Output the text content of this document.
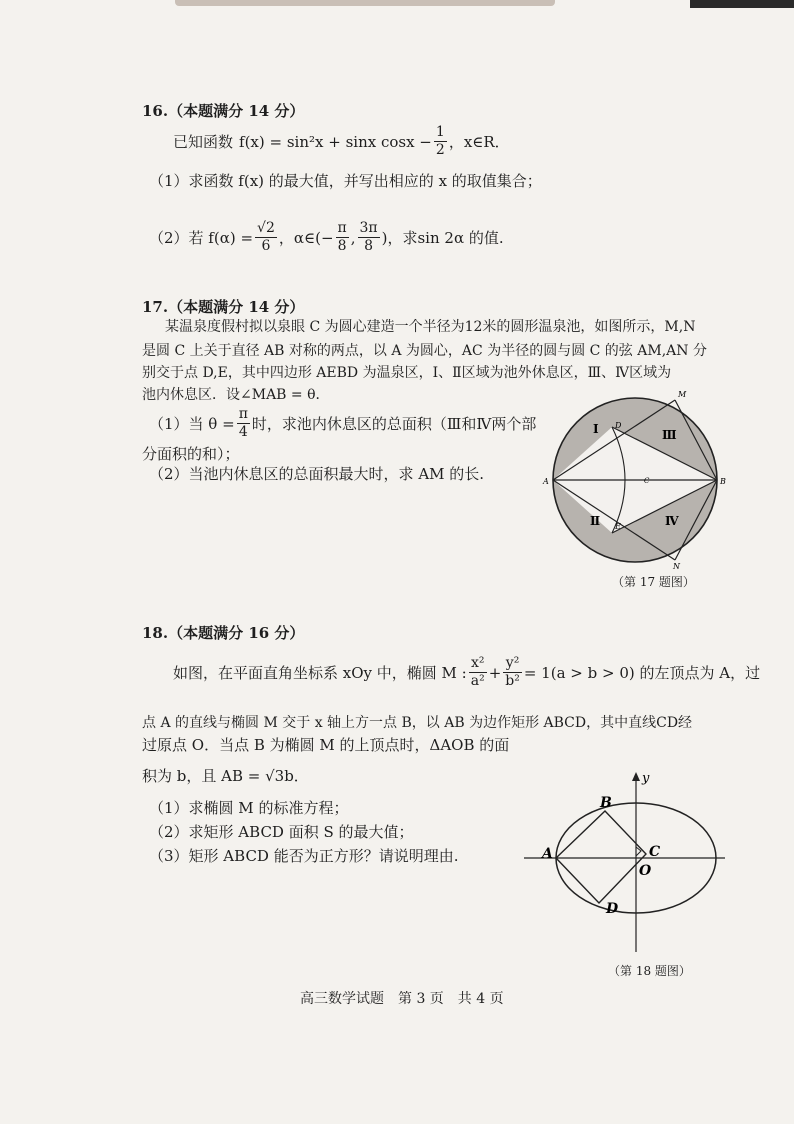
16.（本题满分 14 分）
已知函数 f(x) = sin²x + sinx $\cos x - \frac{1}{2}$ ，x∈R．
（1）求函数 f(x) 的最大值，并写出相应的 x 的取值集合；
（2）若 $f(\alpha) = \frac{√2}{6}$ ，α∈(− $\frac{\pi}{8}$ , $\frac{3\pi}{8}$ )，求sin 2α 的值.
17.（本题满分 14 分）
某温泉度假村拟以泉眼 C 为圆心建造一个半径为12米的圆形温泉池，如图所示，M,N
是圆 C 上关于直径 AB 对称的两点，以 A 为圆心，AC 为半径的圆与圆 C 的弦 AM,AN 分
别交于点 D,E，其中四边形 AEBD 为温泉区，Ⅰ、Ⅱ区域为池外休息区，Ⅲ、Ⅳ区域为
池内休息区．设∠MAB = θ．
（1）当 $\theta = \frac{\pi}{4}$ 时，求池内休息区的总面积（Ⅲ和Ⅳ两个部
分面积的和）；
（2）当池内休息区的总面积最大时，求 AM 的长.
M
N
A	B
C
D
E
Ⅰ
Ⅱ
Ⅲ
Ⅳ
（第 17 题图）
18.（本题满分 16 分）
如图，在平面直角坐标系 xOy 中，椭圆 M : $\frac{\text{x²}}{\text{a²}} + \frac{\text{y²}}{\text{b²}} = 1(a > b > 0)$ 的左顶点为 A，过
点 A 的直线与椭圆 M 交于 x 轴上方一点 B，以 AB 为边作矩形 ABCD，其中直线CD经
过原点 O．当点 B 为椭圆 M 的上顶点时，ΔAOB 的面
积为 b，且 AB = √3b．
（1）求椭圆 M 的标准方程；
（2）求矩形 ABCD 面积 S 的最大值；
（3）矩形 ABCD 能否为正方形？请说明理由.
y
A
B
C
D
O
（第 18 题图）
高三数学试题　第 3 页　共 4 页
